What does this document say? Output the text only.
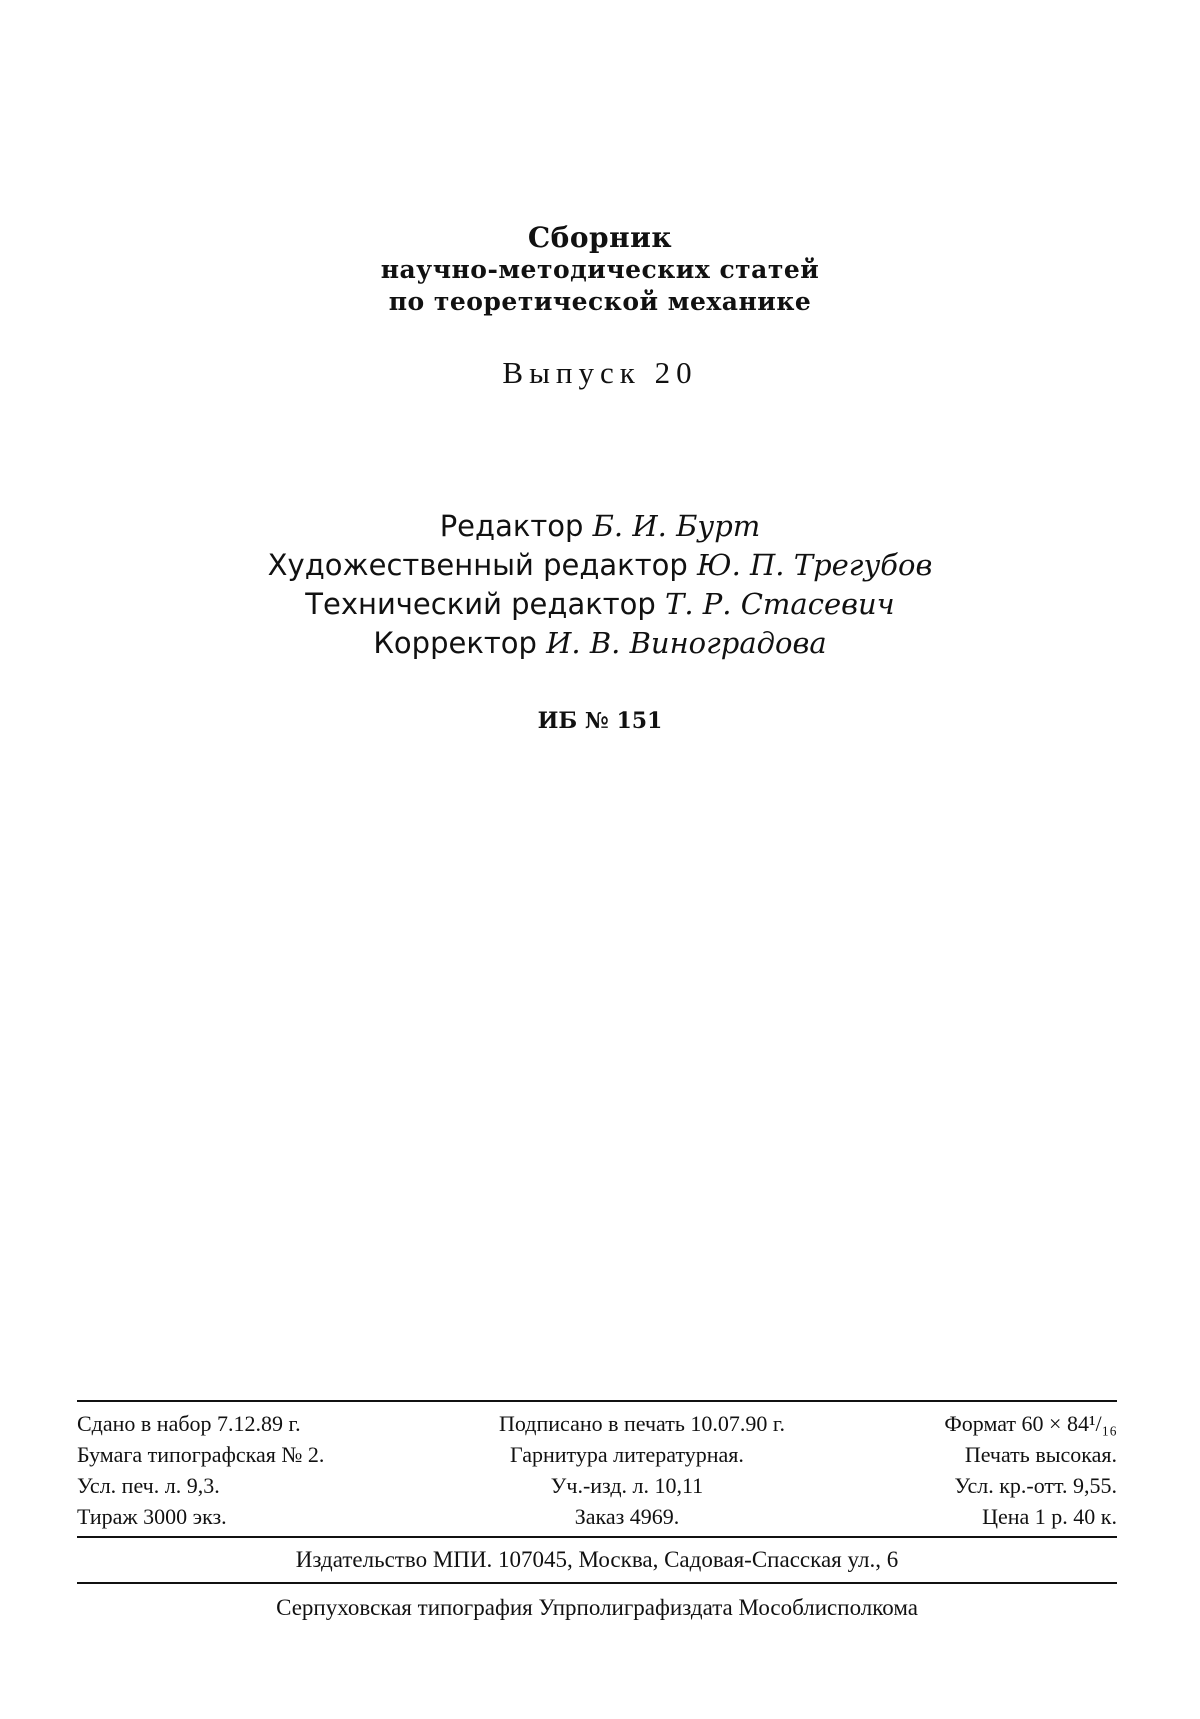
Сборник
научно-методических статей
по теоретической механике
Выпуск 20
Редактор Б. И. Бурт
Художественный редактор Ю. П. Трегубов
Технический редактор Т. Р. Стасевич
Корректор И. В. Виноградова
ИБ № 151
Сдано в набор 7.12.89 г.	Подписано в печать 10.07.90 г.	Формат 60 × 84¹/₁₆
Бумага типографская № 2.	Гарнитура литературная.	Печать высокая.
Усл. печ. л. 9,3.	Уч.-изд. л. 10,11	Усл. кр.-отт. 9,55.
Тираж 3000 экз.	Заказ 4969.	Цена 1 р. 40 к.
Издательство МПИ. 107045, Москва, Садовая-Спасская ул., 6
Серпуховская типография Упрполиграфиздата Мособлисполкома
